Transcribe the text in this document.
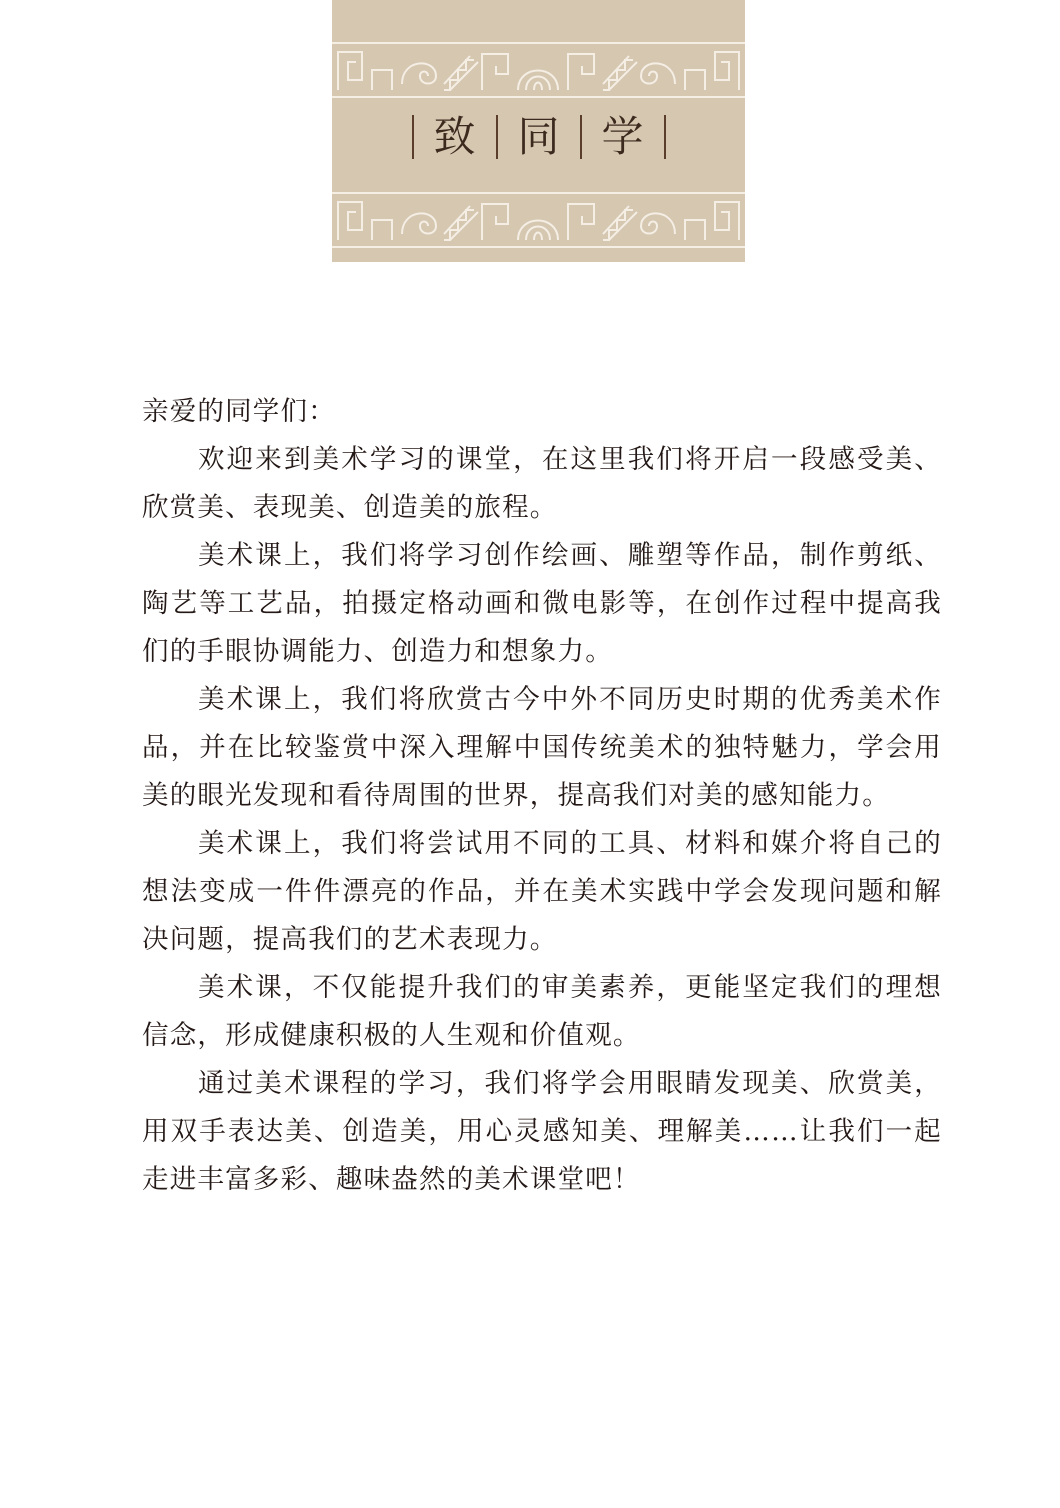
致 同 学

亲爱的同学们：

欢迎来到美术学习的课堂，在这里我们将开启一段感受美、欣赏美、表现美、创造美的旅程。

美术课上，我们将学习创作绘画、雕塑等作品，制作剪纸、陶艺等工艺品，拍摄定格动画和微电影等，在创作过程中提高我们的手眼协调能力、创造力和想象力。

美术课上，我们将欣赏古今中外不同历史时期的优秀美术作品，并在比较鉴赏中深入理解中国传统美术的独特魅力，学会用美的眼光发现和看待周围的世界，提高我们对美的感知能力。

美术课上，我们将尝试用不同的工具、材料和媒介将自己的想法变成一件件漂亮的作品，并在美术实践中学会发现问题和解决问题，提高我们的艺术表现力。

美术课，不仅能提升我们的审美素养，更能坚定我们的理想信念，形成健康积极的人生观和价值观。

通过美术课程的学习，我们将学会用眼睛发现美、欣赏美，用双手表达美、创造美，用心灵感知美、理解美……让我们一起走进丰富多彩、趣味盎然的美术课堂吧！
